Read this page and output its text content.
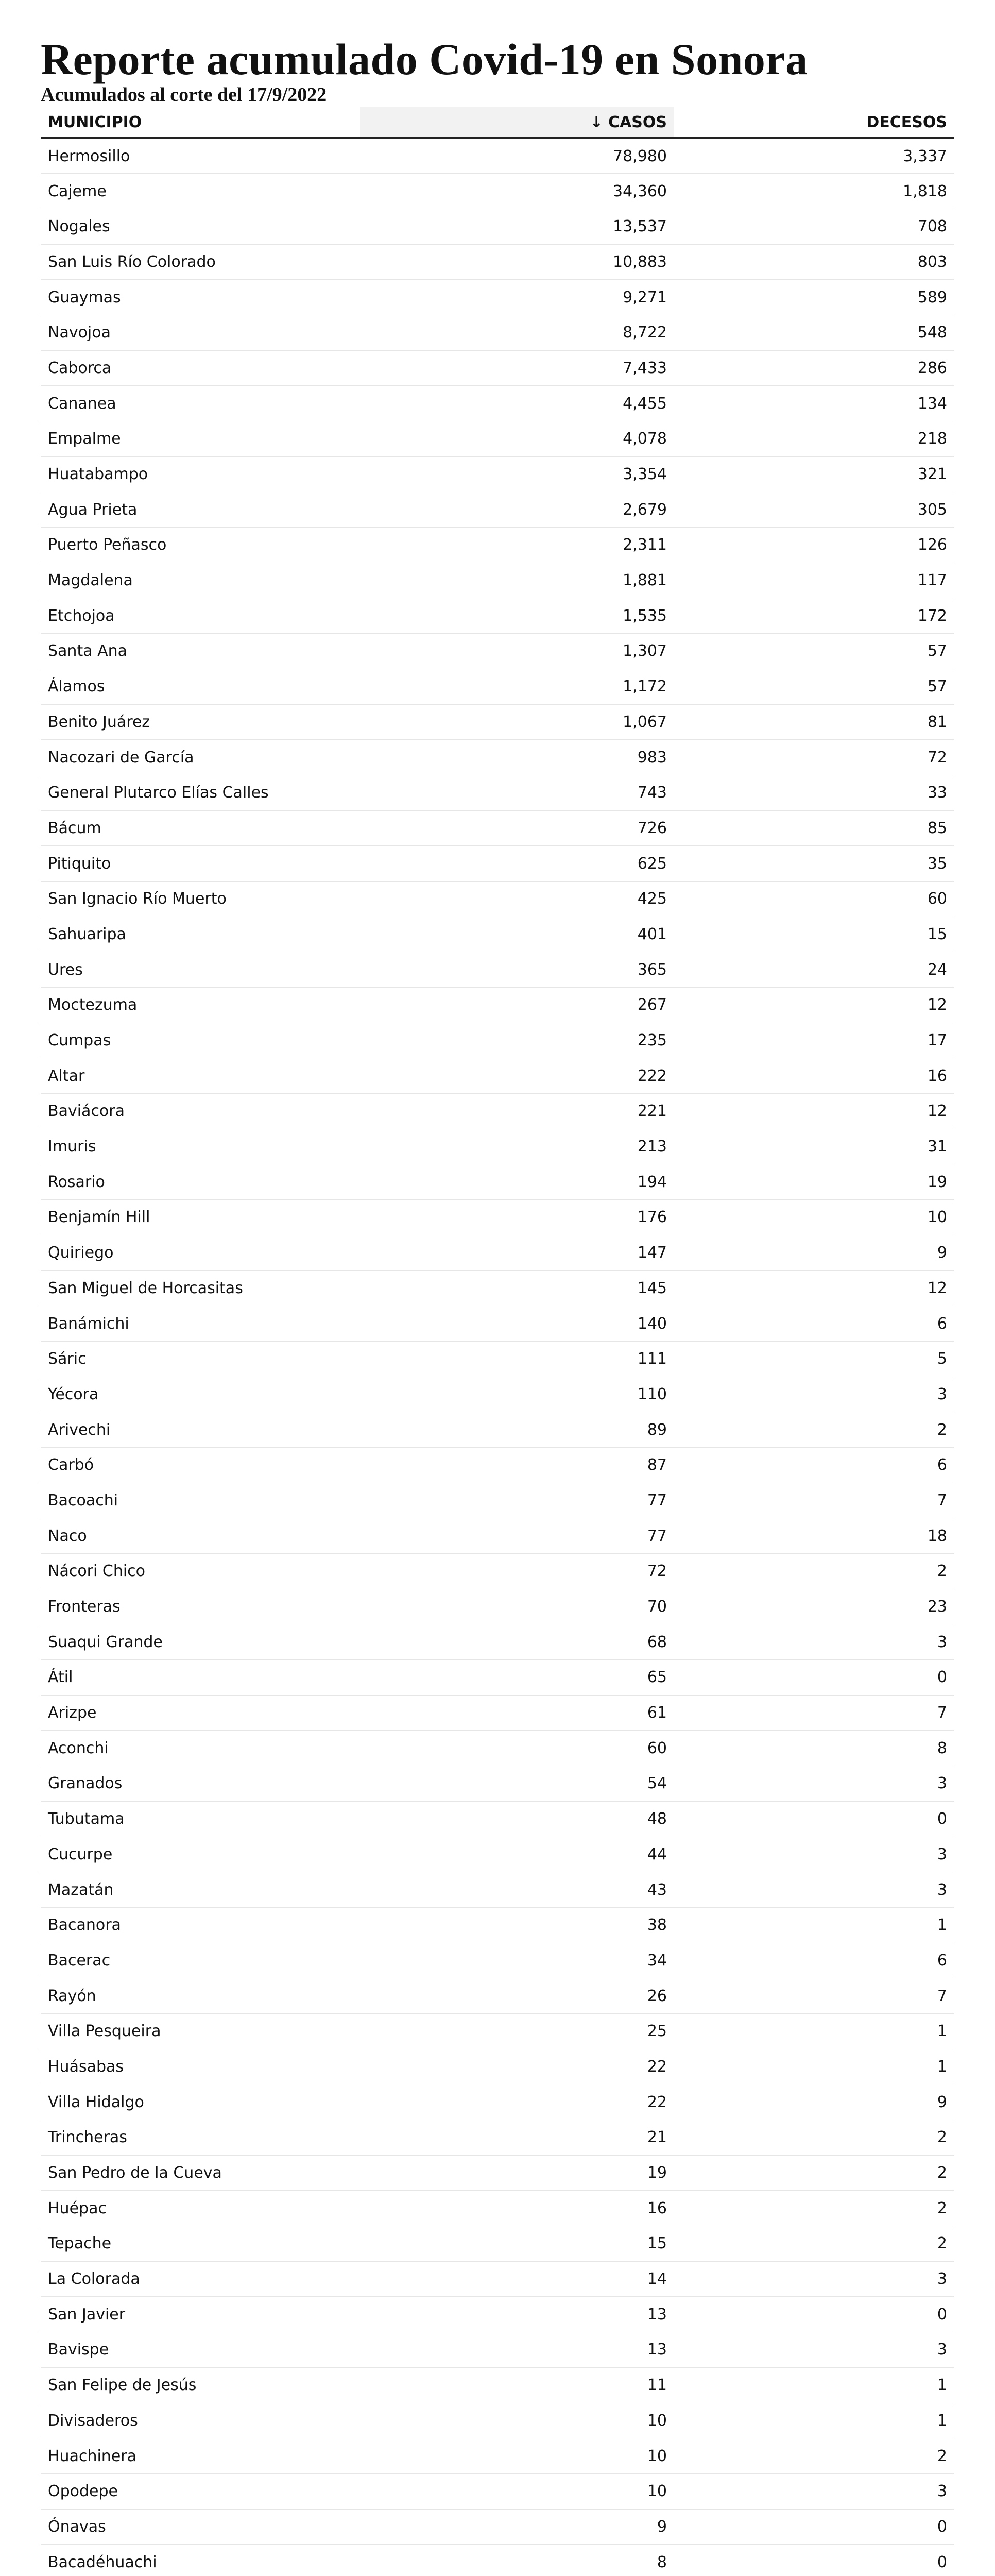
Reporte acumulado Covid-19 en Sonora
Acumulados al corte del 17/9/2022
MUNICIPIO	↓ CASOS	DECESOS
Hermosillo	78,980	3,337
Cajeme	34,360	1,818
Nogales	13,537	708
San Luis Río Colorado	10,883	803
Guaymas	9,271	589
Navojoa	8,722	548
Caborca	7,433	286
Cananea	4,455	134
Empalme	4,078	218
Huatabampo	3,354	321
Agua Prieta	2,679	305
Puerto Peñasco	2,311	126
Magdalena	1,881	117
Etchojoa	1,535	172
Santa Ana	1,307	57
Álamos	1,172	57
Benito Juárez	1,067	81
Nacozari de García	983	72
General Plutarco Elías Calles	743	33
Bácum	726	85
Pitiquito	625	35
San Ignacio Río Muerto	425	60
Sahuaripa	401	15
Ures	365	24
Moctezuma	267	12
Cumpas	235	17
Altar	222	16
Baviácora	221	12
Imuris	213	31
Rosario	194	19
Benjamín Hill	176	10
Quiriego	147	9
San Miguel de Horcasitas	145	12
Banámichi	140	6
Sáric	111	5
Yécora	110	3
Arivechi	89	2
Carbó	87	6
Bacoachi	77	7
Naco	77	18
Nácori Chico	72	2
Fronteras	70	23
Suaqui Grande	68	3
Átil	65	0
Arizpe	61	7
Aconchi	60	8
Granados	54	3
Tubutama	48	0
Cucurpe	44	3
Mazatán	43	3
Bacanora	38	1
Bacerac	34	6
Rayón	26	7
Villa Pesqueira	25	1
Huásabas	22	1
Villa Hidalgo	22	9
Trincheras	21	2
San Pedro de la Cueva	19	2
Huépac	16	2
Tepache	15	2
La Colorada	14	3
San Javier	13	0
Bavispe	13	3
San Felipe de Jesús	11	1
Divisaderos	10	1
Huachinera	10	2
Opodepe	10	3
Ónavas	9	0
Bacadéhuachi	8	0
